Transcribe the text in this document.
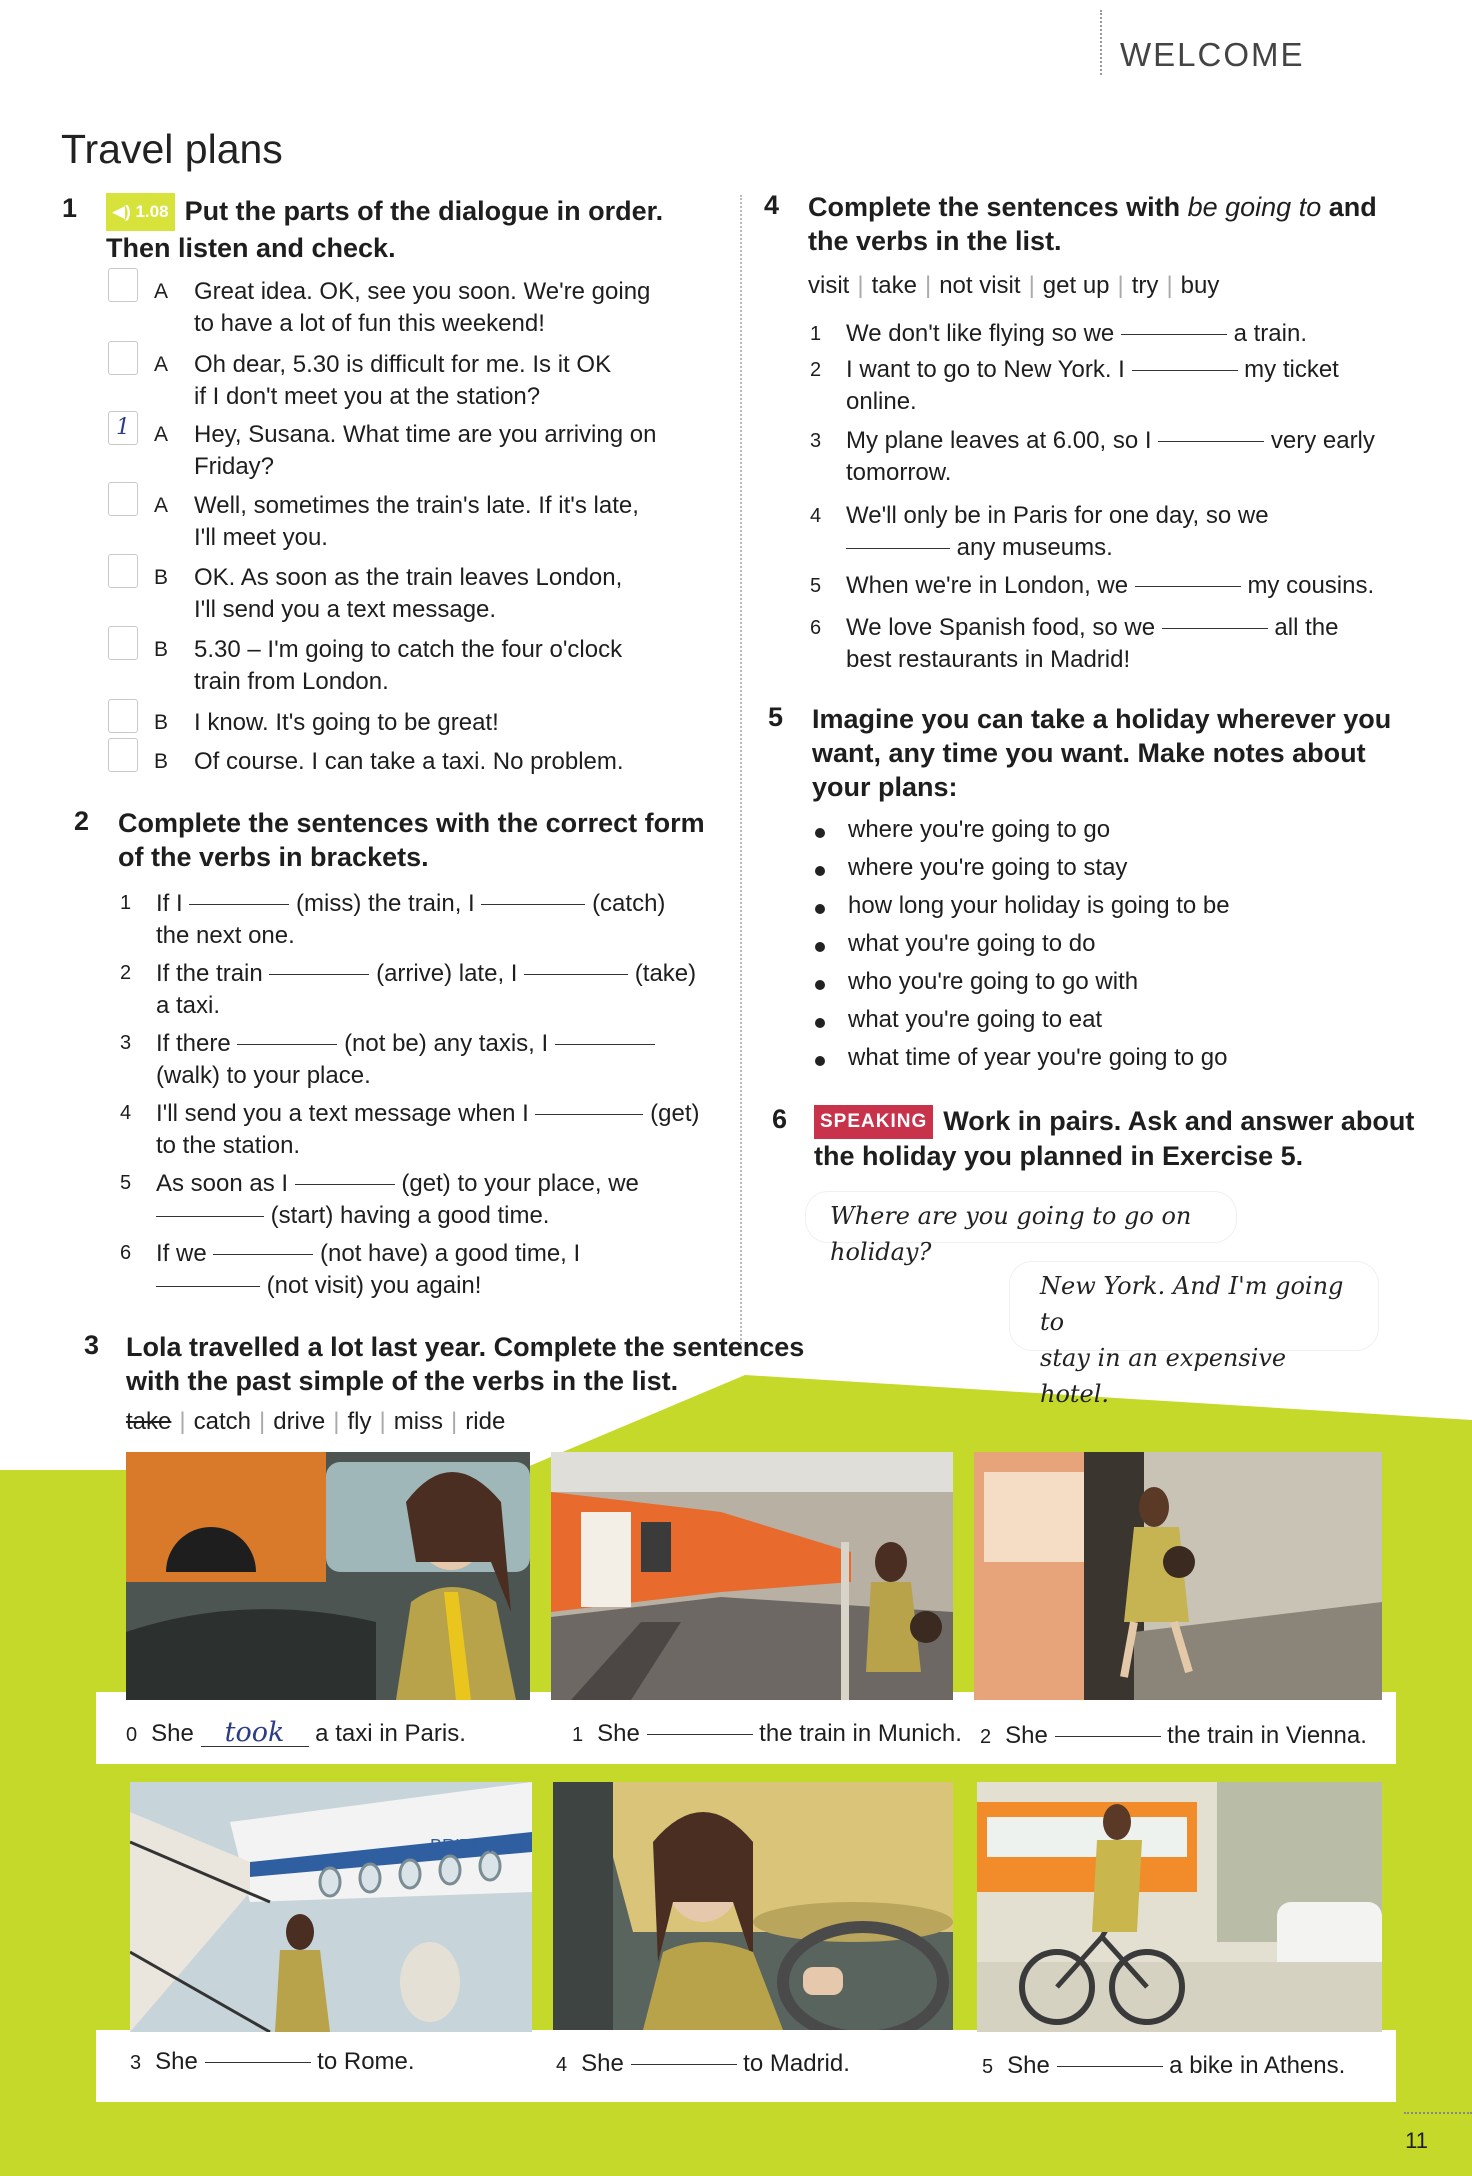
WELCOME
Travel plans
1	◀) 1.08 Put the parts of the dialogue in order.
Then listen and check.
A Great idea. OK, see you soon. We're going
to have a lot of fun this weekend!
A Oh dear, 5.30 is difficult for me. Is it OK
if I don't meet you at the station?
1	A Hey, Susana. What time are you arriving on
Friday?
A Well, sometimes the train's late. If it's late,
I'll meet you.
B OK. As soon as the train leaves London,
I'll send you a text message.
B 5.30 – I'm going to catch the four o'clock
train from London.
B I know. It's going to be great!
B Of course. I can take a taxi. No problem.
2 Complete the sentences with the correct form
of the verbs in brackets.
1 If I	(miss) the train, I	(catch)
the next one.
2 If the train	(arrive) late, I	(take)
a taxi.
3 If there	(not be) any taxis, I
(walk) to your place.
4 I'll send you a text message when I	(get)
to the station.
5 As soon as I	(get) to your place, we
(start) having a good time.
6 If we	(not have) a good time, I
(not visit) you again!
3 Lola travelled a lot last year. Complete the sentences
with the past simple of the verbs in the list.
take | catch | drive | fly | miss | ride
BRITISH AI
0 She took a taxi in Paris.	1 She	the train in Munich. 2 She	the train in Vienna.
3 She	to Rome.	4 She	to Madrid.	5 She	a bike in Athens.
4 Complete the sentences with be going to and
the verbs in the list.
visit | take | not visit | get up | try | buy
1 We don't like flying so we	a train.
2 I want to go to New York. I	my ticket
online.
3 My plane leaves at 6.00, so I	very early
tomorrow.
4 We'll only be in Paris for one day, so we
any museums.
5 When we're in London, we	my cousins.
6 We love Spanish food, so we	all the
best restaurants in Madrid!
5 Imagine you can take a holiday wherever you
want, any time you want. Make notes about
your plans:
where you're going to go
where you're going to stay
how long your holiday is going to be
what you're going to do
who you're going to go with
what you're going to eat
what time of year you're going to go
6	SPEAKING Work in pairs. Ask and answer about
the holiday you planned in Exercise 5.
Where are you going to go on holiday?
New York. And I'm going to
stay in an expensive hotel.
11
